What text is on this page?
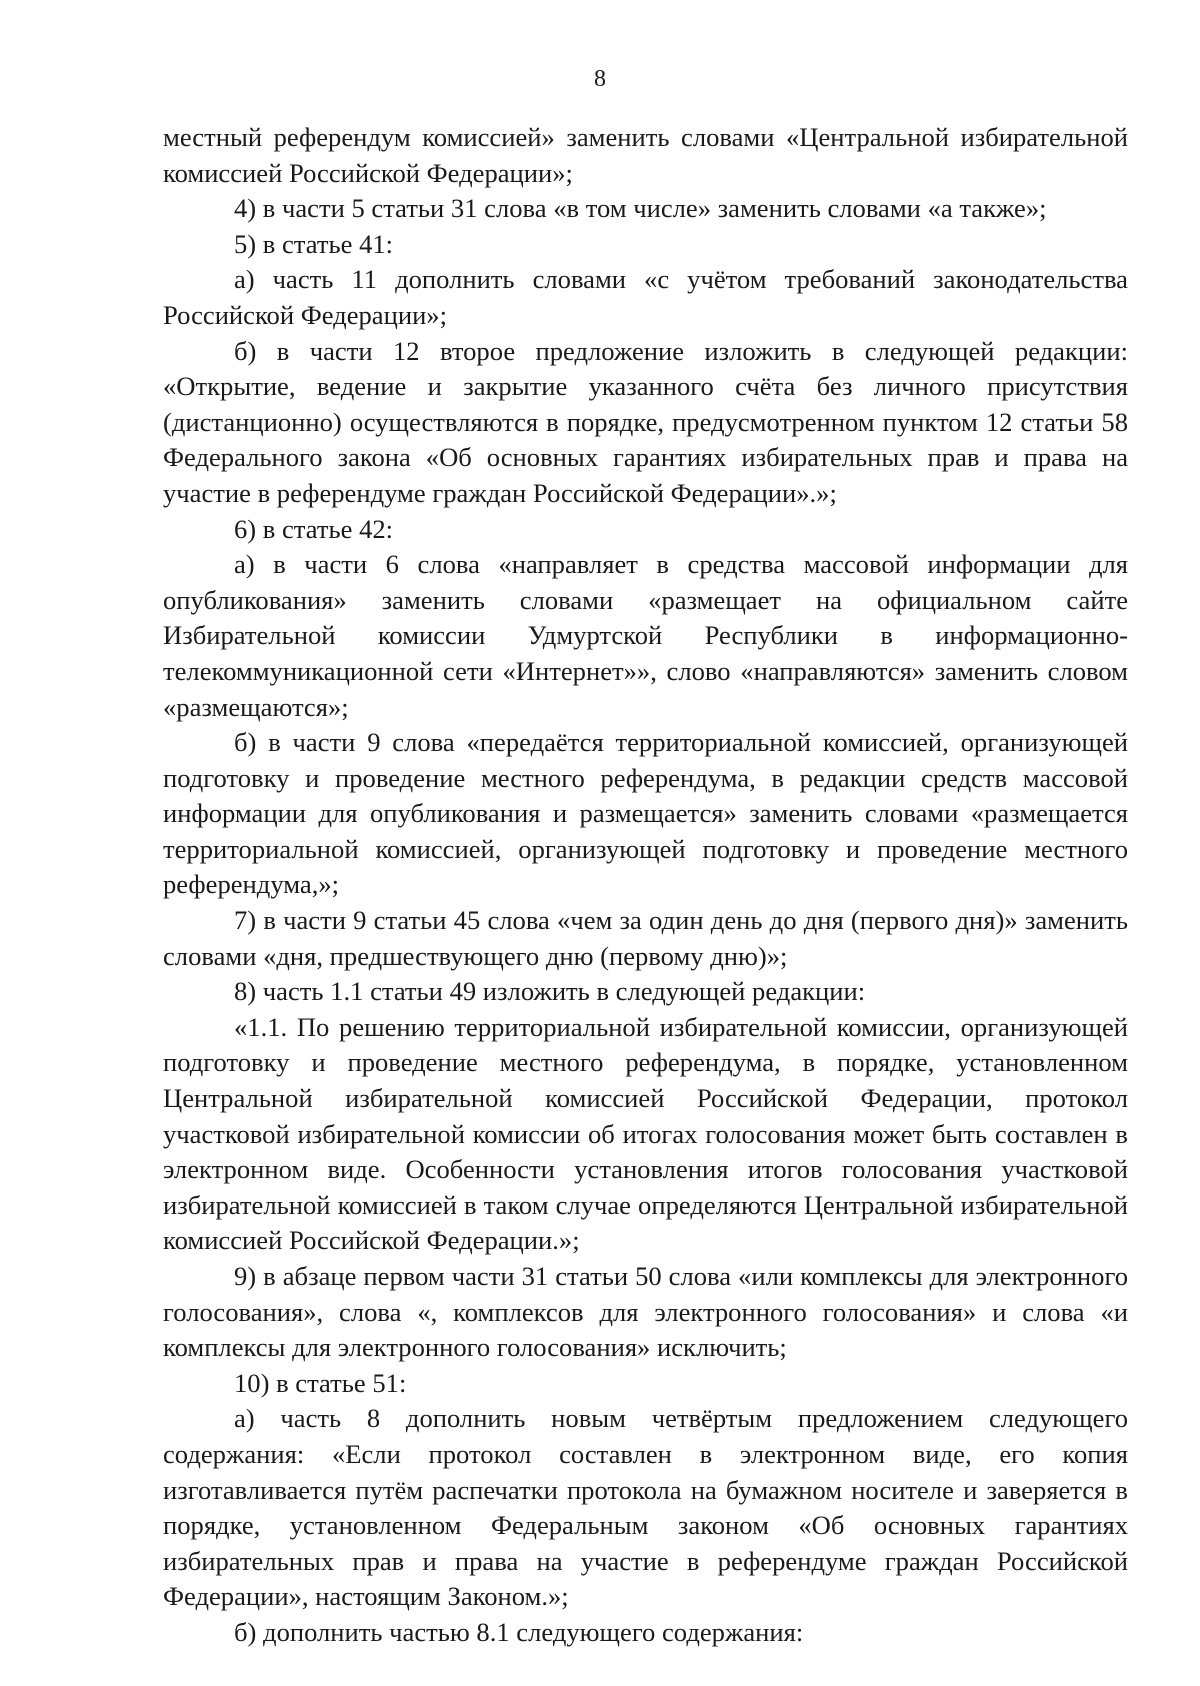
8

местный референдум комиссией» заменить словами «Центральной избирательной комиссией Российской Федерации»;

4) в части 5 статьи 31 слова «в том числе» заменить словами «а также»;

5) в статье 41:

а) часть 11 дополнить словами «с учётом требований законодательства Российской Федерации»;

б) в части 12 второе предложение изложить в следующей редакции: «Открытие, ведение и закрытие указанного счёта без личного присутствия (дистанционно) осуществляются в порядке, предусмотренном пунктом 12 статьи 58 Федерального закона «Об основных гарантиях избирательных прав и права на участие в референдуме граждан Российской Федерации».»;

6) в статье 42:

а) в части 6 слова «направляет в средства массовой информации для опубликования» заменить словами «размещает на официальном сайте Избирательной комиссии Удмуртской Республики в информационно-телекоммуникационной сети «Интернет»», слово «направляются» заменить словом «размещаются»;

б) в части 9 слова «передаётся территориальной комиссией, организующей подготовку и проведение местного референдума, в редакции средств массовой информации для опубликования и размещается» заменить словами «размещается территориальной комиссией, организующей подготовку и проведение местного референдума,»;

7) в части 9 статьи 45 слова «чем за один день до дня (первого дня)» заменить словами «дня, предшествующего дню (первому дню)»;

8) часть 1.1 статьи 49 изложить в следующей редакции:

«1.1. По решению территориальной избирательной комиссии, организующей подготовку и проведение местного референдума, в порядке, установленном Центральной избирательной комиссией Российской Федерации, протокол участковой избирательной комиссии об итогах голосования может быть составлен в электронном виде. Особенности установления итогов голосования участковой избирательной комиссией в таком случае определяются Центральной избирательной комиссией Российской Федерации.»;

9) в абзаце первом части 31 статьи 50 слова «или комплексы для электронного голосования», слова «, комплексов для электронного голосования» и слова «и комплексы для электронного голосования» исключить;

10) в статье 51:

а) часть 8 дополнить новым четвёртым предложением следующего содержания: «Если протокол составлен в электронном виде, его копия изготавливается путём распечатки протокола на бумажном носителе и заверяется в порядке, установленном Федеральным законом «Об основных гарантиях избирательных прав и права на участие в референдуме граждан Российской Федерации», настоящим Законом.»;

б) дополнить частью 8.1 следующего содержания:
